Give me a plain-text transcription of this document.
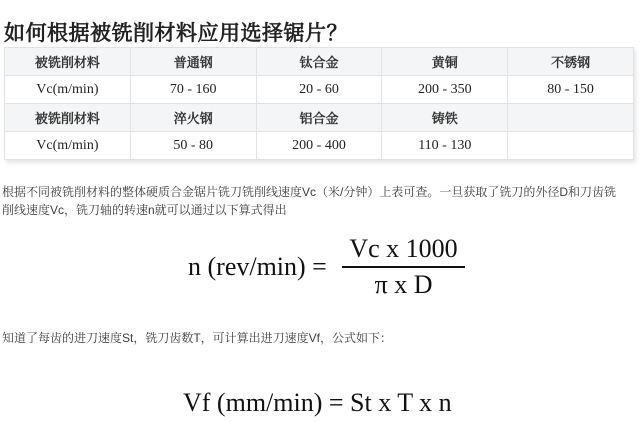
如何根据被铣削材料应用选择锯片？
被铣削材料	普通钢	钛合金	黄铜	不锈钢
Vc(m/min)	70 - 160	20 - 60	200 - 350	80 - 150
被铣削材料	淬火钢	铝合金	铸铁	
Vc(m/min)	50 - 80	200 - 400	110 - 130	

根据不同被铣削材料的整体硬质合金锯片铣刀铣削线速度Vc（米/分钟）上表可查。一旦获取了铣刀的外径D和刀齿铣削线速度Vc，铣刀轴的转速n就可以通过以下算式得出

n $(rev/\min) = \frac{\text{Vc x 1000}}{\text{π x D}}$

知道了每齿的进刀速度St，铣刀齿数T，可计算出进刀速度Vf，公式如下：

Vf (mm/min) = St x T x n
